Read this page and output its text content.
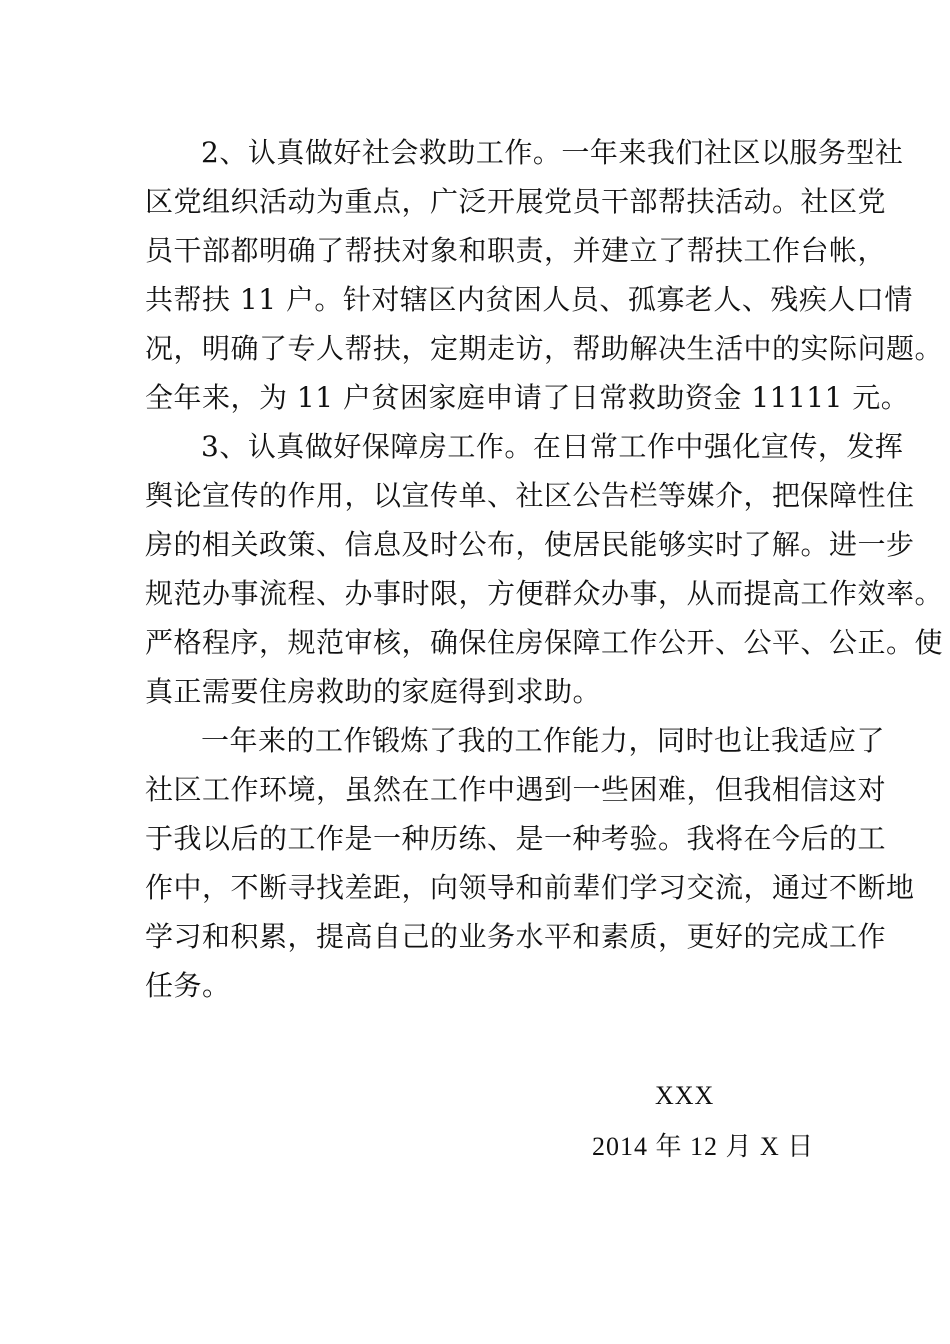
2、认真做好社会救助工作。一年来我们社区以服务型社
区党组织活动为重点，广泛开展党员干部帮扶活动。社区党
员干部都明确了帮扶对象和职责，并建立了帮扶工作台帐，
共帮扶 11 户。针对辖区内贫困人员、孤寡老人、残疾人口情
况，明确了专人帮扶，定期走访，帮助解决生活中的实际问题。
全年来，为 11 户贫困家庭申请了日常救助资金 11111 元。

3、认真做好保障房工作。在日常工作中强化宣传，发挥
舆论宣传的作用，以宣传单、社区公告栏等媒介，把保障性住
房的相关政策、信息及时公布，使居民能够实时了解。进一步
规范办事流程、办事时限，方便群众办事，从而提高工作效率。
严格程序，规范审核，确保住房保障工作公开、公平、公正。使
真正需要住房救助的家庭得到求助。

一年来的工作锻炼了我的工作能力，同时也让我适应了
社区工作环境，虽然在工作中遇到一些困难，但我相信这对
于我以后的工作是一种历练、是一种考验。我将在今后的工
作中，不断寻找差距，向领导和前辈们学习交流，通过不断地
学习和积累，提高自己的业务水平和素质，更好的完成工作
任务。

XXX
2014 年 12 月 X 日
